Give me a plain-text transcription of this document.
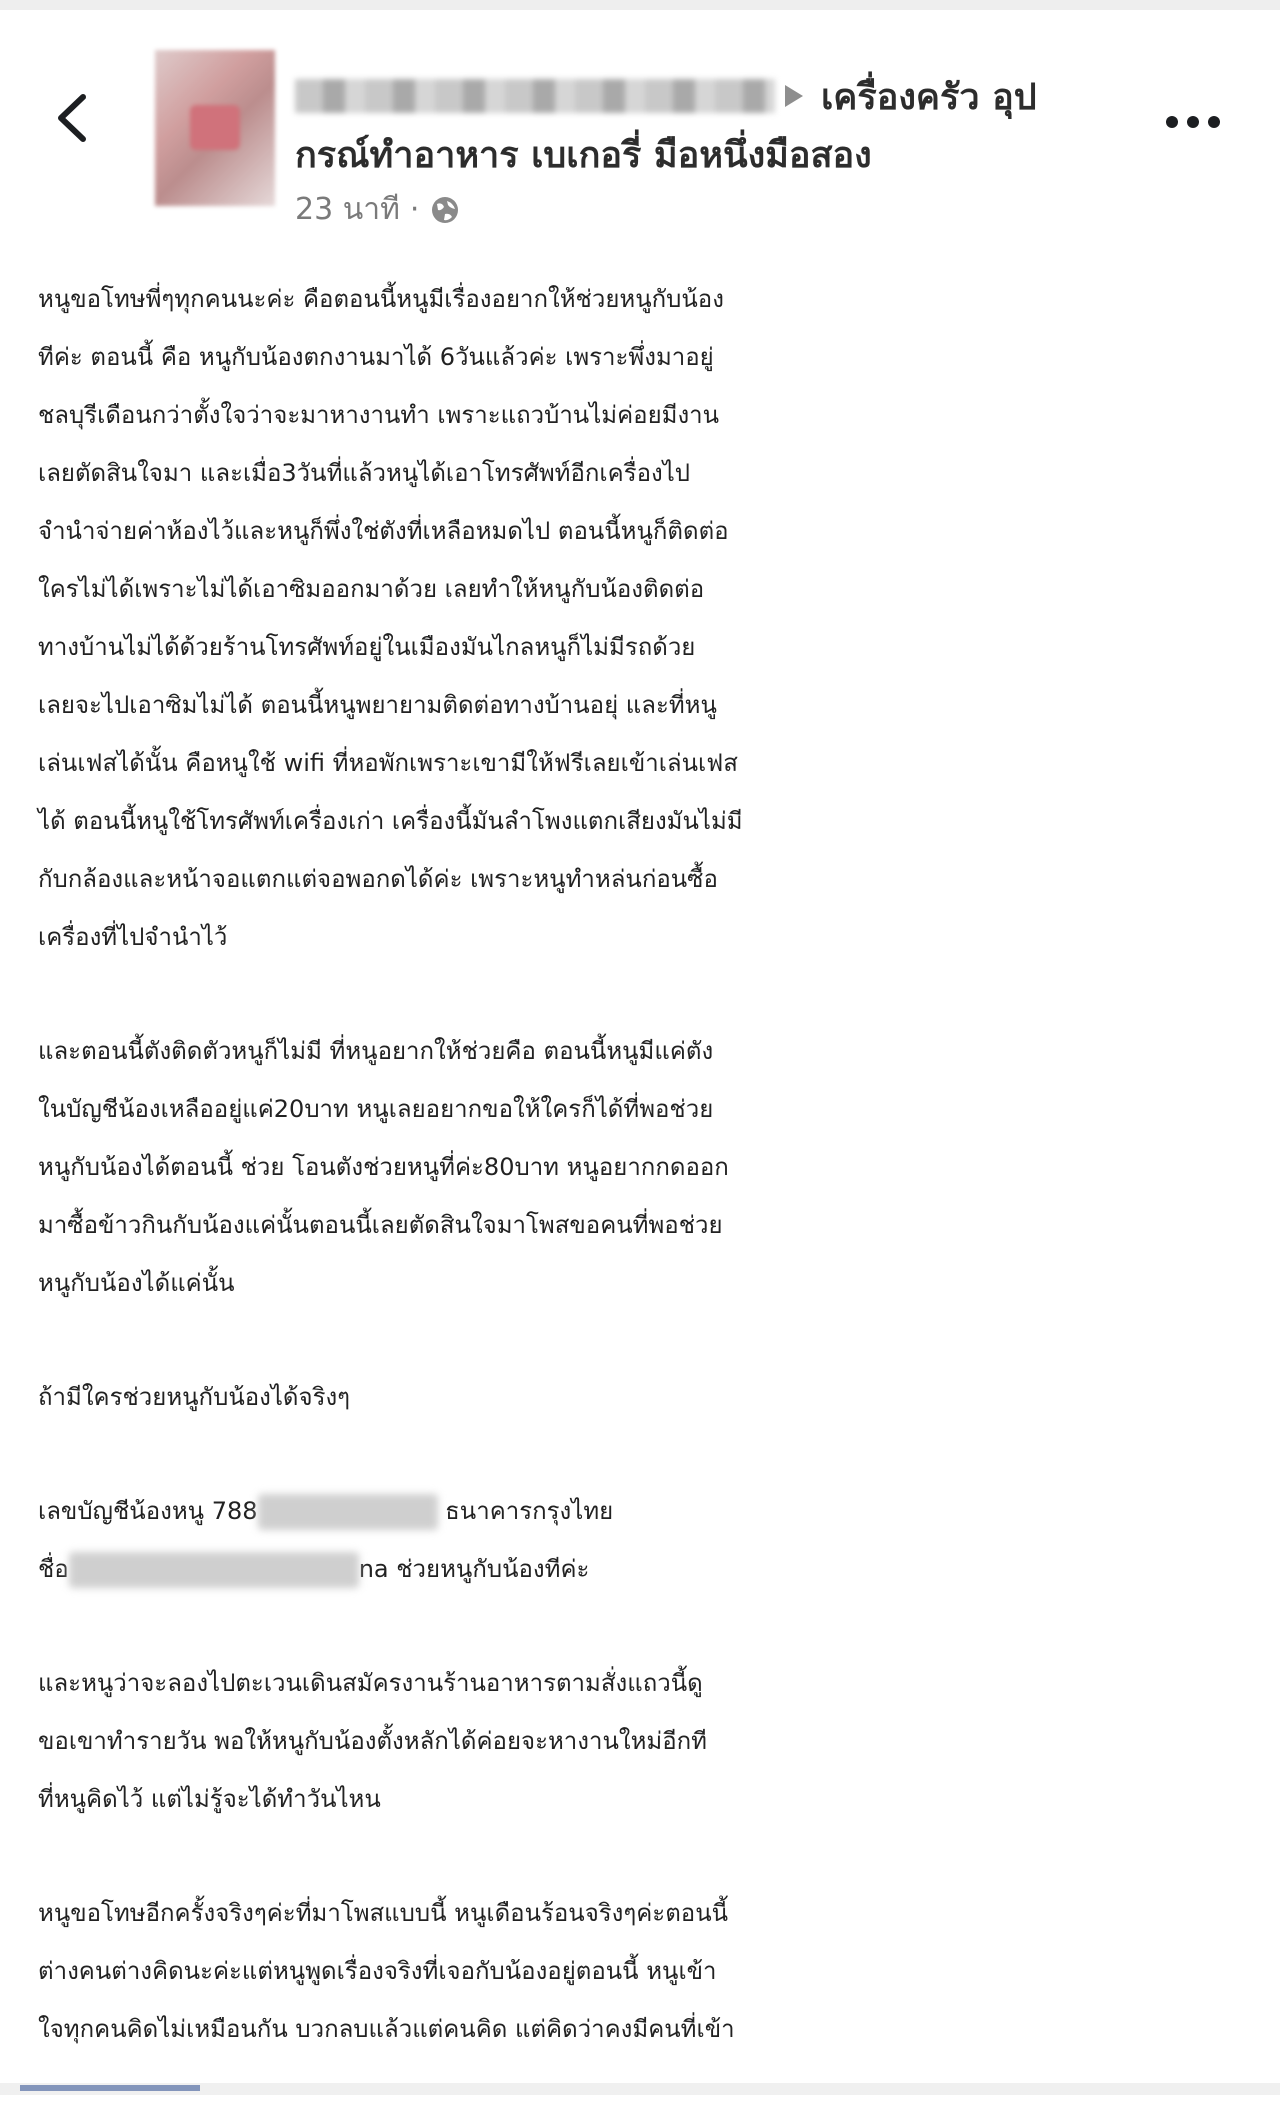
เครื่องครัว อุป
กรณ์ทำอาหาร เบเกอรี่ มือหนึ่งมือสอง
23 นาที ·
หนูขอโทษพี่ๆทุกคนนะค่ะ คือตอนนี้หนูมีเรื่องอยากให้ช่วยหนูกับน้อง
ทีค่ะ ตอนนี้ คือ หนูกับน้องตกงานมาได้ 6วันแล้วค่ะ เพราะพึ่งมาอยู่
ชลบุรีเดือนกว่าตั้งใจว่าจะมาหางานทำ เพราะแถวบ้านไม่ค่อยมีงาน
เลยตัดสินใจมา และเมื่อ3วันที่แล้วหนูได้เอาโทรศัพท์อีกเครื่องไป
จำนำจ่ายค่าห้องไว้และหนูก็พึ่งใช่ตังที่เหลือหมดไป ตอนนี้หนูก็ติดต่อ
ใครไม่ได้เพราะไม่ได้เอาซิมออกมาด้วย เลยทำให้หนูกับน้องติดต่อ
ทางบ้านไม่ได้ด้วยร้านโทรศัพท์อยู่ในเมืองมันไกลหนูก็ไม่มีรถด้วย
เลยจะไปเอาซิมไม่ได้ ตอนนี้หนูพยายามติดต่อทางบ้านอยุ่ และที่หนู
เล่นเฟสได้นั้น คือหนูใช้ wifi ที่หอพักเพราะเขามีให้ฟรีเลยเข้าเล่นเฟส
ได้ ตอนนี้หนูใช้โทรศัพท์เครื่องเก่า เครื่องนี้มันลำโพงแตกเสียงมันไม่มี
กับกล้องและหน้าจอแตกแต่จอพอกดได้ค่ะ เพราะหนูทำหล่นก่อนซื้อ
เครื่องที่ไปจำนำไว้
และตอนนี้ตังติดตัวหนูก็ไม่มี ที่หนูอยากให้ช่วยคือ ตอนนี้หนูมีแค่ตัง
ในบัญชีน้องเหลืออยู่แค่20บาท หนูเลยอยากขอให้ใครก็ได้ที่พอช่วย
หนูกับน้องได้ตอนนี้ ช่วย โอนตังช่วยหนูที่ค่ะ80บาท หนูอยากกดออก
มาซื้อข้าวกินกับน้องแค่นั้นตอนนี้เลยตัดสินใจมาโพสขอคนที่พอช่วย
หนูกับน้องได้แค่นั้น
ถ้ามีใครช่วยหนูกับน้องได้จริงๆ
เลขบัญชีน้องหนู 788	ธนาคารกรุงไทย
ชื่อ	na ช่วยหนูกับน้องทีค่ะ
และหนูว่าจะลองไปตะเวนเดินสมัครงานร้านอาหารตามสั่งแถวนี้ดู
ขอเขาทำรายวัน พอให้หนูกับน้องตั้งหลักได้ค่อยจะหางานใหม่อีกที
ที่หนูคิดไว้ แต่ไม่รู้จะได้ทำวันไหน
หนูขอโทษอีกครั้งจริงๆค่ะที่มาโพสแบบนี้ หนูเดือนร้อนจริงๆค่ะตอนนี้
ต่างคนต่างคิดนะค่ะแต่หนูพูดเรื่องจริงที่เจอกับน้องอยู่ตอนนี้ หนูเข้า
ใจทุกคนคิดไม่เหมือนกัน บวกลบแล้วแต่คนคิด แต่คิดว่าคงมีคนที่เข้า
